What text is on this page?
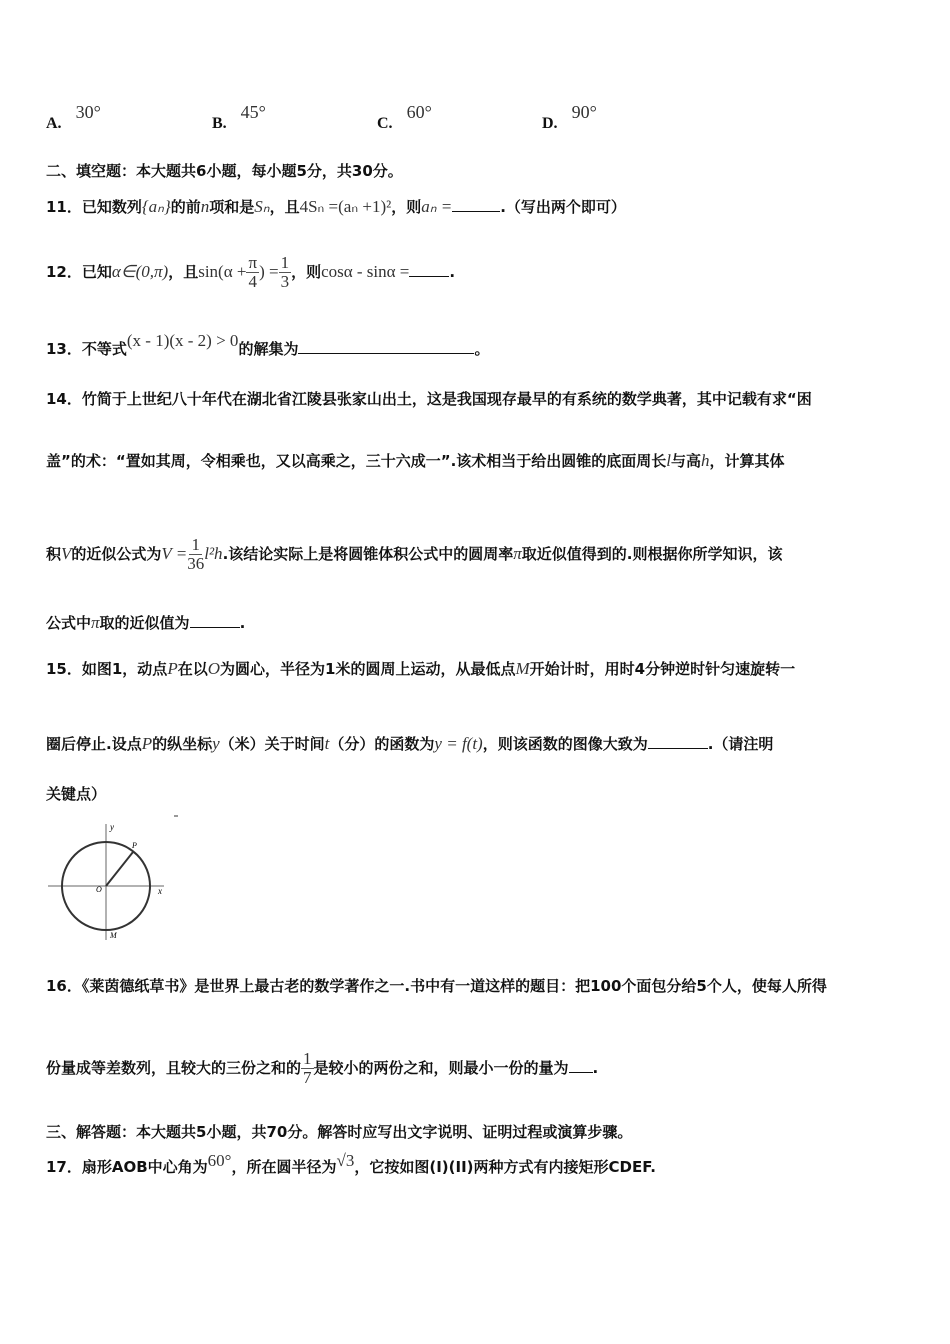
A.30°
B.45°
C.60°
D.90°
二、填空题：本大题共6小题，每小题5分，共30分。
11．已知数列{aₙ}的前n项和是Sₙ，且4Sₙ =(aₙ +1)²，则aₙ =	.（写出两个即可）
12．已知α∈(0,π)，且$\sin(\alpha + \frac{\pi}{4}$ ) = $\frac{1}{3}$ ，则cosα - sinα =	.
13．不等式(x - 1)(x - 2) > 0的解集为	。
14．竹简于上世纪八十年代在湖北省江陵县张家山出土，这是我国现存最早的有系统的数学典著，其中记载有求“困
盖”的术：“置如其周，令相乘也，又以高乘之，三十六成一”.该术相当于给出圆锥的底面周长l与高h，计算其体
积V的近似公式为$V = \frac{1}{36} l^2h$.该结论实际上是将圆锥体积公式中的圆周率π取近似值得到的.则根据你所学知识，该
公式中π取的近似值为	.
15．如图1，动点P在以O为圆心，半径为1米的圆周上运动，从最低点M开始计时，用时4分钟逆时针匀速旋转一
圈后停止.设点P的纵坐标y（米）关于时间t（分）的函数为y = f(t)，则该函数的图像大致为	.（请注明
关键点）
y
x
O
P
M
16．《莱茵德纸草书》是世界上最古老的数学著作之一.书中有一道这样的题目：把100个面包分给5个人，使每人所得
份量成等差数列，且较大的三份之和的 $\frac{1}{7}$ 是较小的两份之和，则最小一份的量为 .
三、解答题：本大题共5小题，共70分。解答时应写出文字说明、证明过程或演算步骤。
17．扇形AOB中心角为60°，所在圆半径为√3，它按如图(I)(II)两种方式有内接矩形CDEF.
